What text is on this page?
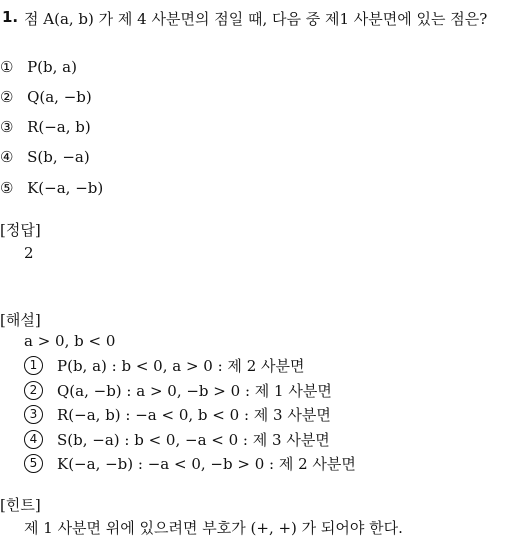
1. 점 A(a, b) 가 제 4 사분면의 점일 때, 다음 중 제1 사분면에 있는 점은?
① P(b, a)
② Q(a, −b)
③ R(−a, b)
④ S(b, −a)
⑤ K(−a, −b)
[정답]
2
[해설]
a > 0, b < 0
1 P(b, a) : b < 0, a > 0 : 제 2 사분면
2 Q(a, −b) : a > 0, −b > 0 : 제 1 사분면
3 R(−a, b) : −a < 0, b < 0 : 제 3 사분면
4 S(b, −a) : b < 0, −a < 0 : 제 3 사분면
5 K(−a, −b) : −a < 0, −b > 0 : 제 2 사분면
[힌트]
제 1 사분면 위에 있으려면 부호가 (+, +) 가 되어야 한다.
